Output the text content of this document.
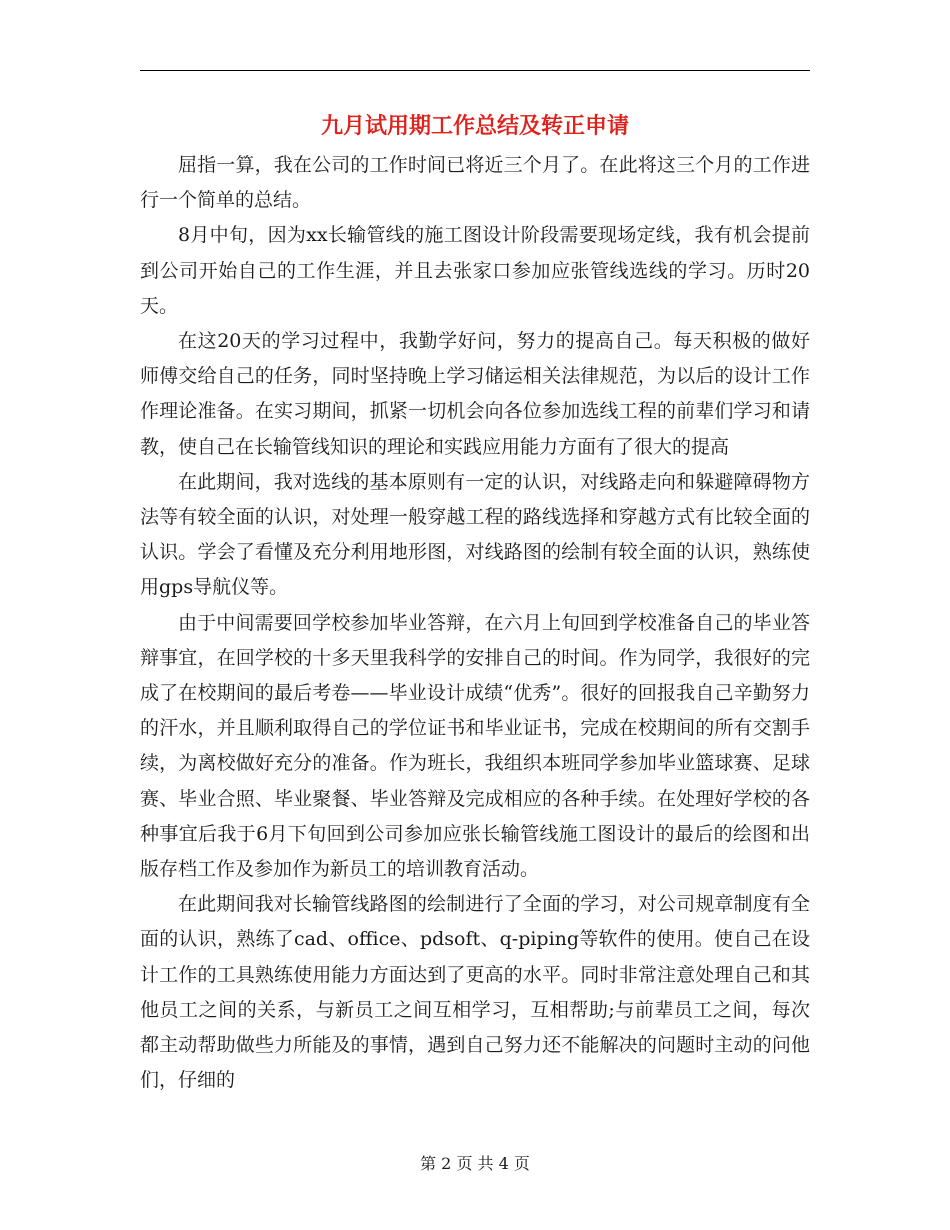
九月试用期工作总结及转正申请

屈指一算，我在公司的工作时间已将近三个月了。在此将这三个月的工作进行一个简单的总结。

8月中旬，因为xx长输管线的施工图设计阶段需要现场定线，我有机会提前到公司开始自己的工作生涯，并且去张家口参加应张管线选线的学习。历时20天。

在这20天的学习过程中，我勤学好问，努力的提高自己。每天积极的做好师傅交给自己的任务，同时坚持晚上学习储运相关法律规范，为以后的设计工作作理论准备。在实习期间，抓紧一切机会向各位参加选线工程的前辈们学习和请教，使自己在长输管线知识的理论和实践应用能力方面有了很大的提高

在此期间，我对选线的基本原则有一定的认识，对线路走向和躲避障碍物方法等有较全面的认识，对处理一般穿越工程的路线选择和穿越方式有比较全面的认识。学会了看懂及充分利用地形图，对线路图的绘制有较全面的认识，熟练使用gps导航仪等。

由于中间需要回学校参加毕业答辩，在六月上旬回到学校准备自己的毕业答辩事宜，在回学校的十多天里我科学的安排自己的时间。作为同学，我很好的完成了在校期间的最后考卷——毕业设计成绩“优秀”。很好的回报我自己辛勤努力的汗水，并且顺利取得自己的学位证书和毕业证书，完成在校期间的所有交割手续，为离校做好充分的准备。作为班长，我组织本班同学参加毕业篮球赛、足球赛、毕业合照、毕业聚餐、毕业答辩及完成相应的各种手续。在处理好学校的各种事宜后我于6月下旬回到公司参加应张长输管线施工图设计的最后的绘图和出版存档工作及参加作为新员工的培训教育活动。

在此期间我对长输管线路图的绘制进行了全面的学习，对公司规章制度有全面的认识，熟练了cad、office、pdsoft、q-piping等软件的使用。使自己在设计工作的工具熟练使用能力方面达到了更高的水平。同时非常注意处理自己和其他员工之间的关系，与新员工之间互相学习，互相帮助;与前辈员工之间，每次都主动帮助做些力所能及的事情，遇到自己努力还不能解决的问题时主动的问他们，仔细的

第 2 页 共 4 页
